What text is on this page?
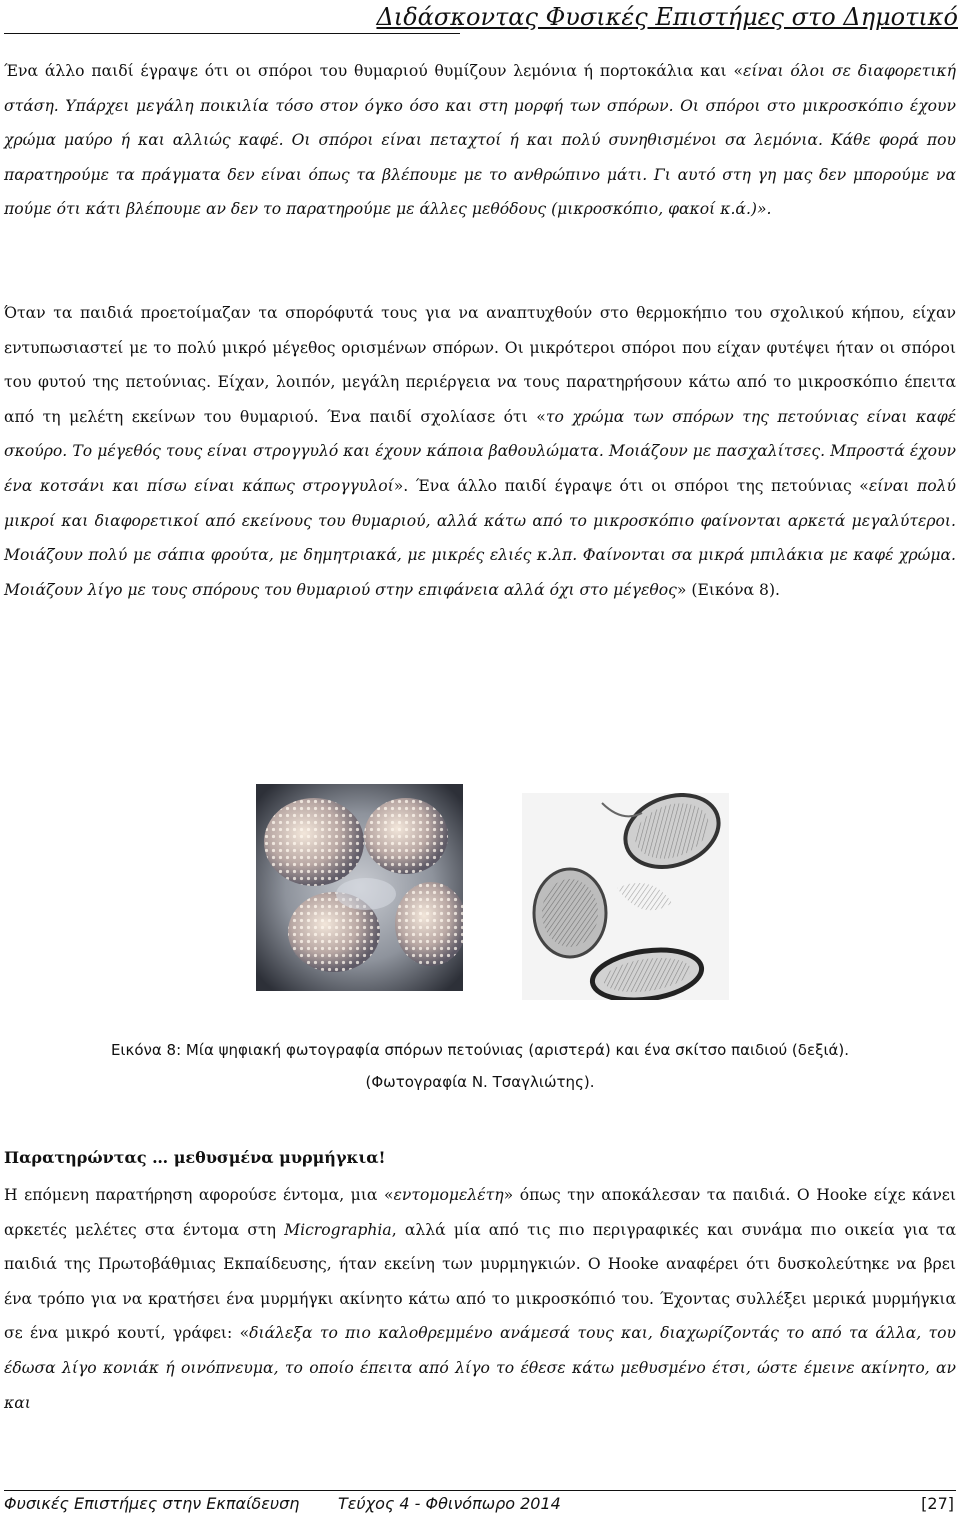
Διδάσκοντας Φυσικές Επιστήμες στο Δημοτικό

Ένα άλλο παιδί έγραψε ότι οι σπόροι του θυμαριού θυμίζουν λεμόνια ή πορτοκάλια και «είναι όλοι σε διαφορετική στάση. Υπάρχει μεγάλη ποικιλία τόσο στον όγκο όσο και στη μορφή των σπόρων. Οι σπόροι στο μικροσκόπιο έχουν χρώμα μαύρο ή και αλλιώς καφέ. Οι σπόροι είναι πεταχτοί ή και πολύ συνηθισμένοι σα λεμόνια. Κάθε φορά που παρατηρούμε τα πράγματα δεν είναι όπως τα βλέπουμε με το ανθρώπινο μάτι. Γι αυτό στη γη μας δεν μπορούμε να πούμε ότι κάτι βλέπουμε αν δεν το παρατηρούμε με άλλες μεθόδους (μικροσκόπιο, φακοί κ.ά.)».

Όταν τα παιδιά προετοίμαζαν τα σπορόφυτά τους για να αναπτυχθούν στο θερμοκήπιο του σχολικού κήπου, είχαν εντυπωσιαστεί με το πολύ μικρό μέγεθος ορισμένων σπόρων. Οι μικρότεροι σπόροι που είχαν φυτέψει ήταν οι σπόροι του φυτού της πετούνιας. Είχαν, λοιπόν, μεγάλη περιέργεια να τους παρατηρήσουν κάτω από το μικροσκόπιο έπειτα από τη μελέτη εκείνων του θυμαριού. Ένα παιδί σχολίασε ότι «το χρώμα των σπόρων της πετούνιας είναι καφέ σκούρο. Το μέγεθός τους είναι στρογγυλό και έχουν κάποια βαθουλώματα. Μοιάζουν με πασχαλίτσες. Μπροστά έχουν ένα κοτσάνι και πίσω είναι κάπως στρογγυλοί». Ένα άλλο παιδί έγραψε ότι οι σπόροι της πετούνιας «είναι πολύ μικροί και διαφορετικοί από εκείνους του θυμαριού, αλλά κάτω από το μικροσκόπιο φαίνονται αρκετά μεγαλύτεροι. Μοιάζουν πολύ με σάπια φρούτα, με δημητριακά, με μικρές ελιές κ.λπ. Φαίνονται σα μικρά μπιλάκια με καφέ χρώμα. Μοιάζουν λίγο με τους σπόρους του θυμαριού στην επιφάνεια αλλά όχι στο μέγεθος» (Εικόνα 8).

Εικόνα 8: Μία ψηφιακή φωτογραφία σπόρων πετούνιας (αριστερά) και ένα σκίτσο παιδιού (δεξιά).

(Φωτογραφία Ν. Τσαγλιώτης).

Παρατηρώντας … μεθυσμένα μυρμήγκια!

Η επόμενη παρατήρηση αφορούσε έντομα, μια «εντομομελέτη» όπως την αποκάλεσαν τα παιδιά. Ο Hooke είχε κάνει αρκετές μελέτες στα έντομα στη Micrographia, αλλά μία από τις πιο περιγραφικές και συνάμα πιο οικεία για τα παιδιά της Πρωτοβάθμιας Εκπαίδευσης, ήταν εκείνη των μυρμηγκιών. Ο Hooke αναφέρει ότι δυσκολεύτηκε να βρει ένα τρόπο για να κρατήσει ένα μυρμήγκι ακίνητο κάτω από το μικροσκόπιό του. Έχοντας συλλέξει μερικά μυρμήγκια σε ένα μικρό κουτί, γράφει: «διάλεξα το πιο καλοθρεμμένο ανάμεσά τους και, διαχωρίζοντάς το από τα άλλα, του έδωσα λίγο κονιάκ ή οινόπνευμα, το οποίο έπειτα από λίγο το έθεσε κάτω μεθυσμένο έτσι, ώστε έμεινε ακίνητο, αν και

Φυσικές Επιστήμες στην Εκπαίδευση Τεύχος 4 - Φθινόπωρο 2014	[27]
